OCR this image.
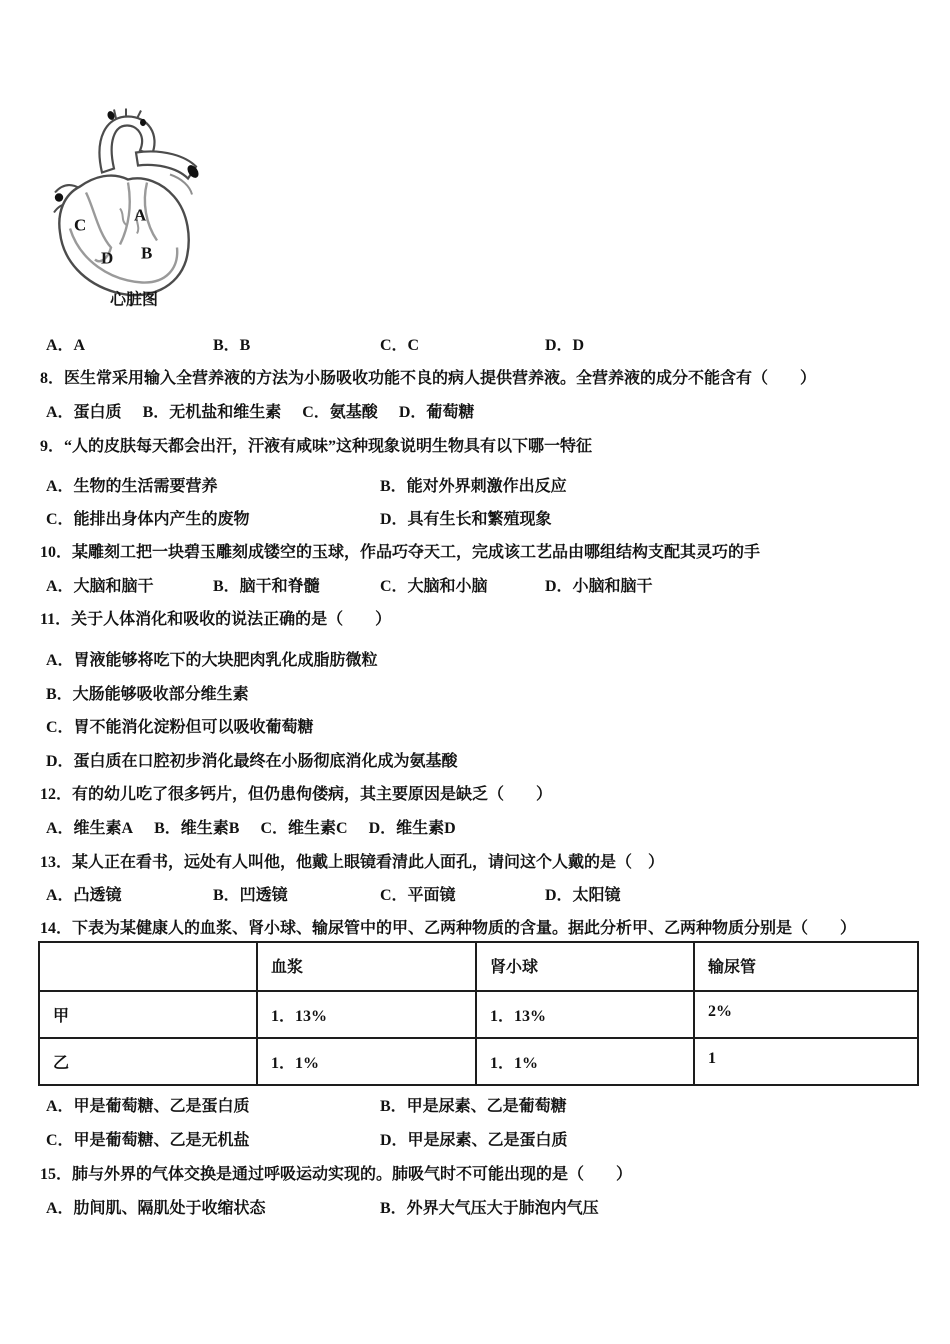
A
B
C
D
心脏图
A．A	B．B	C．C	D．D
8．医生常采用输入全营养液的方法为小肠吸收功能不良的病人提供营养液。全营养液的成分不能含有（　　）
A．蛋白质 B．无机盐和维生素 C．氨基酸 D．葡萄糖
9．“人的皮肤每天都会出汗，汗液有咸味”这种现象说明生物具有以下哪一特征
A．生物的生活需要营养	B．能对外界刺激作出反应
C．能排出身体内产生的废物	D．具有生长和繁殖现象
10．某雕刻工把一块碧玉雕刻成镂空的玉球，作品巧夺天工，完成该工艺品由哪组结构支配其灵巧的手
A．大脑和脑干	B．脑干和脊髓	C．大脑和小脑	D．小脑和脑干
11．关于人体消化和吸收的说法正确的是（　　）
A．胃液能够将吃下的大块肥肉乳化成脂肪微粒
B．大肠能够吸收部分维生素
C．胃不能消化淀粉但可以吸收葡萄糖
D．蛋白质在口腔初步消化最终在小肠彻底消化成为氨基酸
12．有的幼儿吃了很多钙片，但仍患佝偻病，其主要原因是缺乏（　　）
A．维生素A B．维生素B C．维生素C D．维生素D
13．某人正在看书，远处有人叫他，他戴上眼镜看清此人面孔，请问这个人戴的是（　）
A．凸透镜	B．凹透镜	C．平面镜	D．太阳镜
14．下表为某健康人的血浆、肾小球、输尿管中的甲、乙两种物质的含量。据此分析甲、乙两种物质分别是（　　）
	血浆	肾小球	输尿管
甲	1．13%	1．13%	2%
乙	1．1%	1．1%	1
A．甲是葡萄糖、乙是蛋白质	B．甲是尿素、乙是葡萄糖
C．甲是葡萄糖、乙是无机盐	D．甲是尿素、乙是蛋白质
15．肺与外界的气体交换是通过呼吸运动实现的。肺吸气时不可能出现的是（　　）
A．肋间肌、隔肌处于收缩状态	B．外界大气压大于肺泡内气压
